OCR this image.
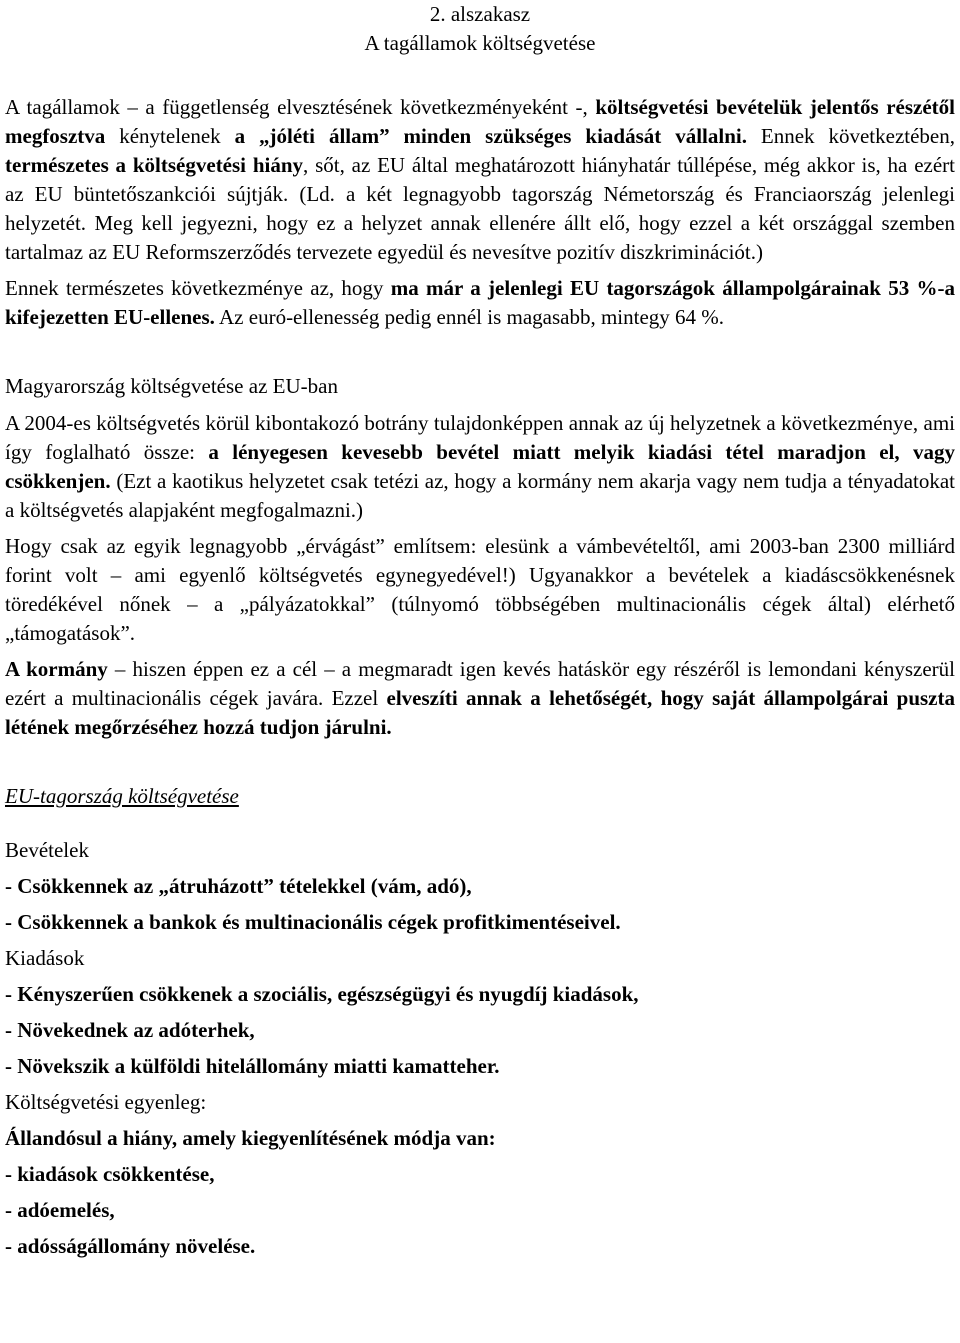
2. alszakasz

A tagállamok költségvetése

A tagállamok – a függetlenség elvesztésének következményeként -, költségvetési bevételük jelentős részétől megfosztva kénytelenek a „jóléti állam” minden szükséges kiadását vállalni. Ennek következtében, természetes a költségvetési hiány, sőt, az EU által meghatározott hiányhatár túllépése, még akkor is, ha ezért az EU büntetőszankciói sújtják. (Ld. a két legnagyobb tagország Németország és Franciaország jelenlegi helyzetét. Meg kell jegyezni, hogy ez a helyzet annak ellenére állt elő, hogy ezzel a két országgal szemben tartalmaz az EU Reformszerződés tervezete egyedül és nevesítve pozitív diszkriminációt.)

Ennek természetes következménye az, hogy ma már a jelenlegi EU tagországok állampolgárainak 53 %-a kifejezetten EU-ellenes. Az euró-ellenesség pedig ennél is magasabb, mintegy 64 %.

Magyarország költségvetése az EU-ban

A 2004-es költségvetés körül kibontakozó botrány tulajdonképpen annak az új helyzetnek a következménye, ami így foglalható össze: a lényegesen kevesebb bevétel miatt melyik kiadási tétel maradjon el, vagy csökkenjen. (Ezt a kaotikus helyzetet csak tetézi az, hogy a kormány nem akarja vagy nem tudja a tényadatokat a költségvetés alapjaként megfogalmazni.)

Hogy csak az egyik legnagyobb „érvágást” említsem: elesünk a vámbevételtől, ami 2003-ban 2300 milliárd forint volt – ami egyenlő költségvetés egynegyedével!) Ugyanakkor a bevételek a kiadáscsökkenésnek töredékével nőnek – a „pályázatokkal” (túlnyomó többségében multinacionális cégek által) elérhető „támogatások”.

A kormány – hiszen éppen ez a cél – a megmaradt igen kevés hatáskör egy részéről is lemondani kényszerül ezért a multinacionális cégek javára. Ezzel elveszíti annak a lehetőségét, hogy saját állampolgárai puszta létének megőrzéséhez hozzá tudjon járulni.

EU-tagország költségvetése

Bevételek

- Csökkennek az „átruházott” tételekkel (vám, adó),

- Csökkennek a bankok és multinacionális cégek profitkimentéseivel.

Kiadások

- Kényszerűen csökkenek a szociális, egészségügyi és nyugdíj kiadások,

- Növekednek az adóterhek,

- Növekszik a külföldi hitelállomány miatti kamatteher.

Költségvetési egyenleg:

Állandósul a hiány, amely kiegyenlítésének módja van:

- kiadások csökkentése,

- adóemelés,

- adósságállomány növelése.
